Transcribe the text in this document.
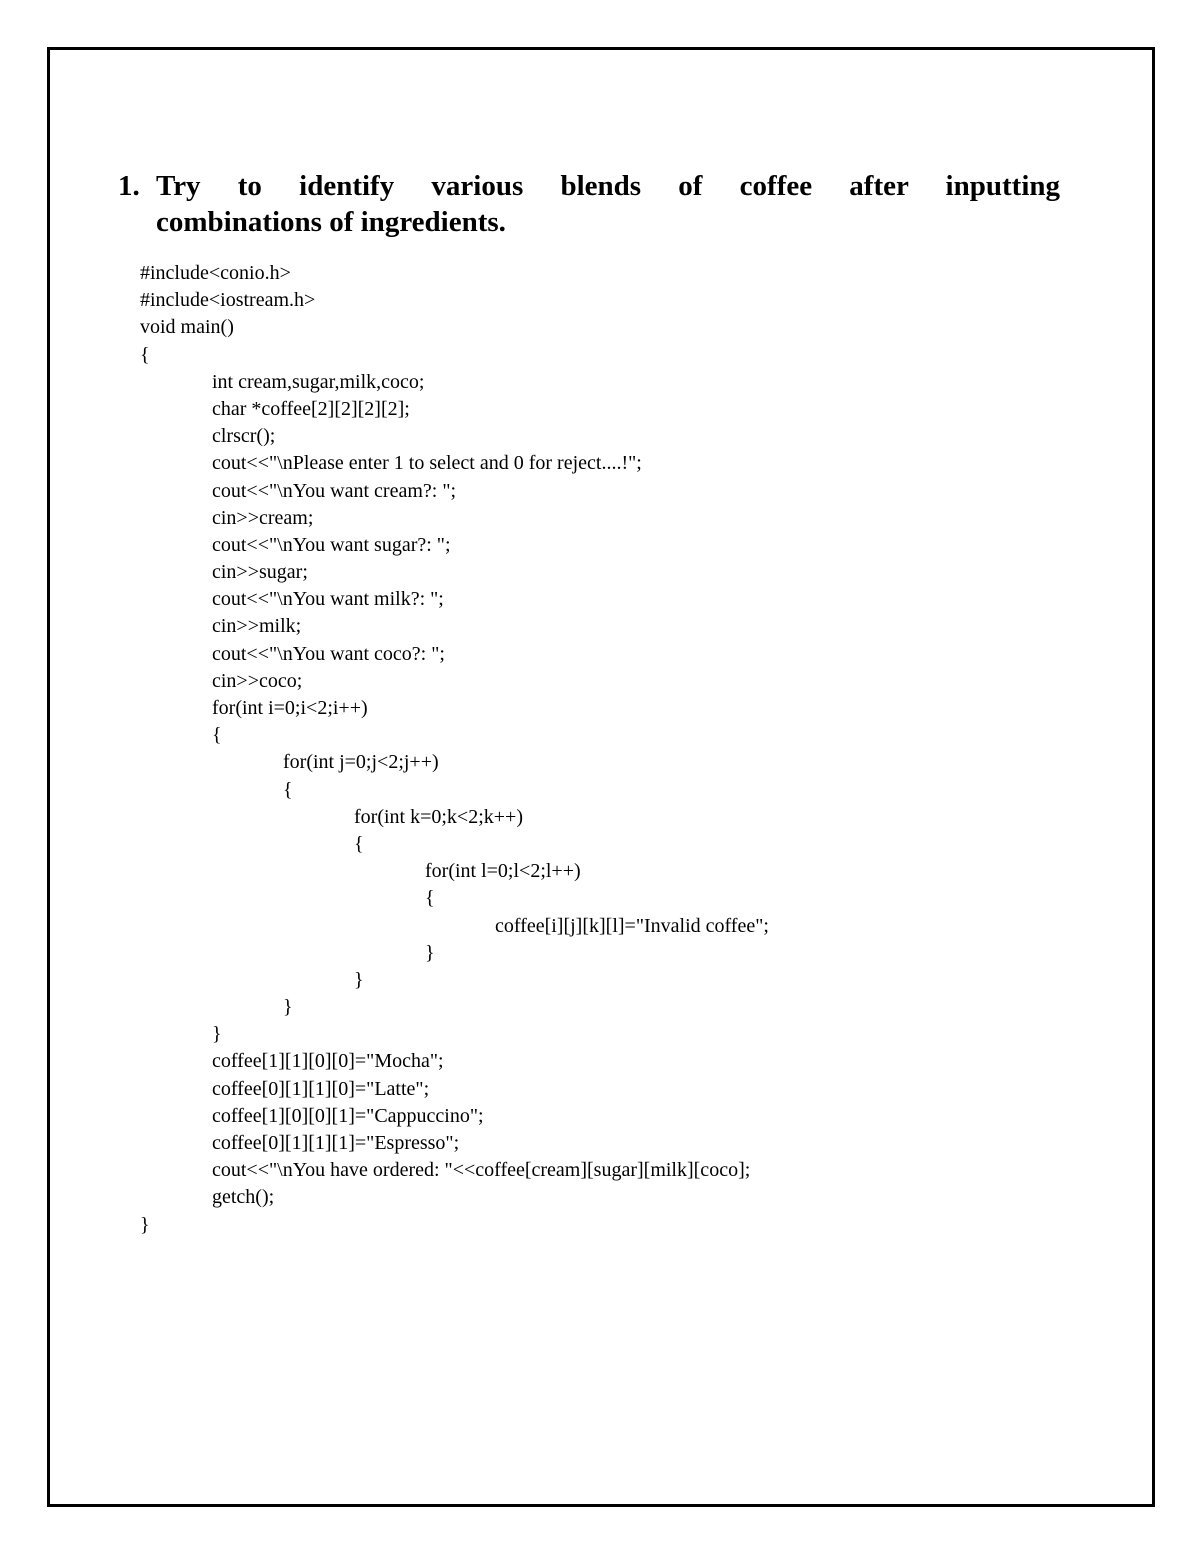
1. Try to identify various blends of coffee after inputting
combinations of ingredients.
#include<conio.h>
#include<iostream.h>
void main()
{
int cream,sugar,milk,coco;
char *coffee[2][2][2][2];
clrscr();
cout<<"\nPlease enter 1 to select and 0 for reject....!";
cout<<"\nYou want cream?: ";
cin>>cream;
cout<<"\nYou want sugar?: ";
cin>>sugar;
cout<<"\nYou want milk?: ";
cin>>milk;
cout<<"\nYou want coco?: ";
cin>>coco;
for(int i=0;i<2;i++)
{
for(int j=0;j<2;j++)
{
for(int k=0;k<2;k++)
{
for(int l=0;l<2;l++)
{
coffee[i][j][k][l]="Invalid coffee";
}
}
}
}
coffee[1][1][0][0]="Mocha";
coffee[0][1][1][0]="Latte";
coffee[1][0][0][1]="Cappuccino";
coffee[0][1][1][1]="Espresso";
cout<<"\nYou have ordered: "<<coffee[cream][sugar][milk][coco];
getch();
}
